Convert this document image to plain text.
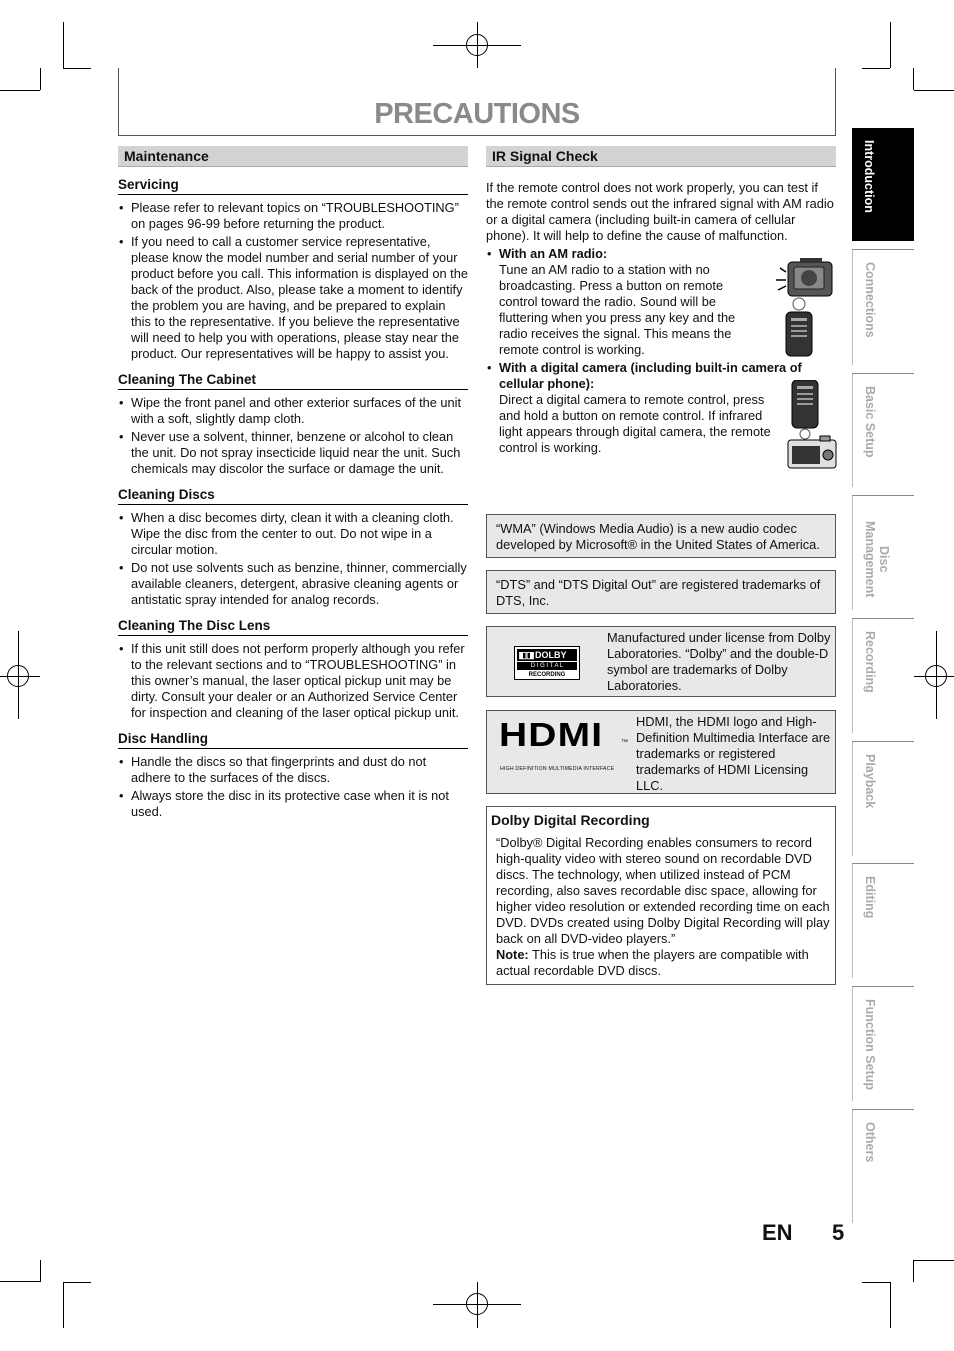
PRECAUTIONS
Maintenance
Servicing
• Please refer to relevant topics on “TROUBLESHOOTING” on pages 96-99 before returning the product.
• If you need to call a customer service representative, please know the model number and serial number of your product before you call. This information is displayed on the back of the product. Also, please take a moment to identify the problem you are having, and be prepared to explain this to the representative. If you believe the representative will need to help you with operations, please stay near the product. Our representatives will be happy to assist you.
Cleaning The Cabinet
• Wipe the front panel and other exterior surfaces of the unit with a soft, slightly damp cloth.
• Never use a solvent, thinner, benzene or alcohol to clean the unit. Do not spray insecticide liquid near the unit. Such chemicals may discolor the surface or damage the unit.
Cleaning Discs
• When a disc becomes dirty, clean it with a cleaning cloth. Wipe the disc from the center to out. Do not wipe in a circular motion.
• Do not use solvents such as benzine, thinner, commercially available cleaners, detergent, abrasive cleaning agents or antistatic spray intended for analog records.
Cleaning The Disc Lens
• If this unit still does not perform properly although you refer to the relevant sections and to “TROUBLESHOOTING” in this owner’s manual, the laser optical pickup unit may be dirty. Consult your dealer or an Authorized Service Center for inspection and cleaning of the laser optical pickup unit.
Disc Handling
• Handle the discs so that fingerprints and dust do not adhere to the surfaces of the discs.
• Always store the disc in its protective case when it is not used.
IR Signal Check

If the remote control does not work properly, you can test if the remote control sends out the infrared signal with AM radio or a digital camera (including built-in camera of cellular phone). It will help to define the cause of malfunction.

• With an AM radio:
Tune an AM radio to a station with no broadcasting. Press a button on remote control toward the radio. Sound will be fluttering when you press any key and the radio receives the signal. This means the remote control is working.
• With a digital camera (including built-in camera of cellular phone):

Direct a digital camera to remote control, press and hold a button on remote control. If infrared light appears through digital camera, the remote control is working.
“WMA” (Windows Media Audio) is a new audio codec developed by Microsoft® in the United States of America.
“DTS” and “DTS Digital Out” are registered trademarks of DTS, Inc.
◧◨ DOLBY
D I G I T A L
RECORDING
Manufactured under license from Dolby Laboratories. “Dolby” and the double-D symbol are trademarks of Dolby Laboratories.
HDMI	™
HIGH DEFINITION MULTIMEDIA INTERFACE
HDMI, the HDMI logo and High-Definition Multimedia Interface are trademarks or registered trademarks of HDMI Licensing LLC.
Dolby Digital Recording
“Dolby® Digital Recording enables consumers to record high-quality video with stereo sound on recordable DVD discs. The technology, when utilized instead of PCM recording, also saves recordable disc space, allowing for higher video resolution or extended recording time on each DVD. DVDs created using Dolby Digital Recording will play back on all DVD-video players.”
Note: This is true when the players are compatible with actual recordable DVD discs.
Introduction
Connections
Basic Setup
Disc Management
Recording
Playback
Editing
Function Setup
Others
EN 5
